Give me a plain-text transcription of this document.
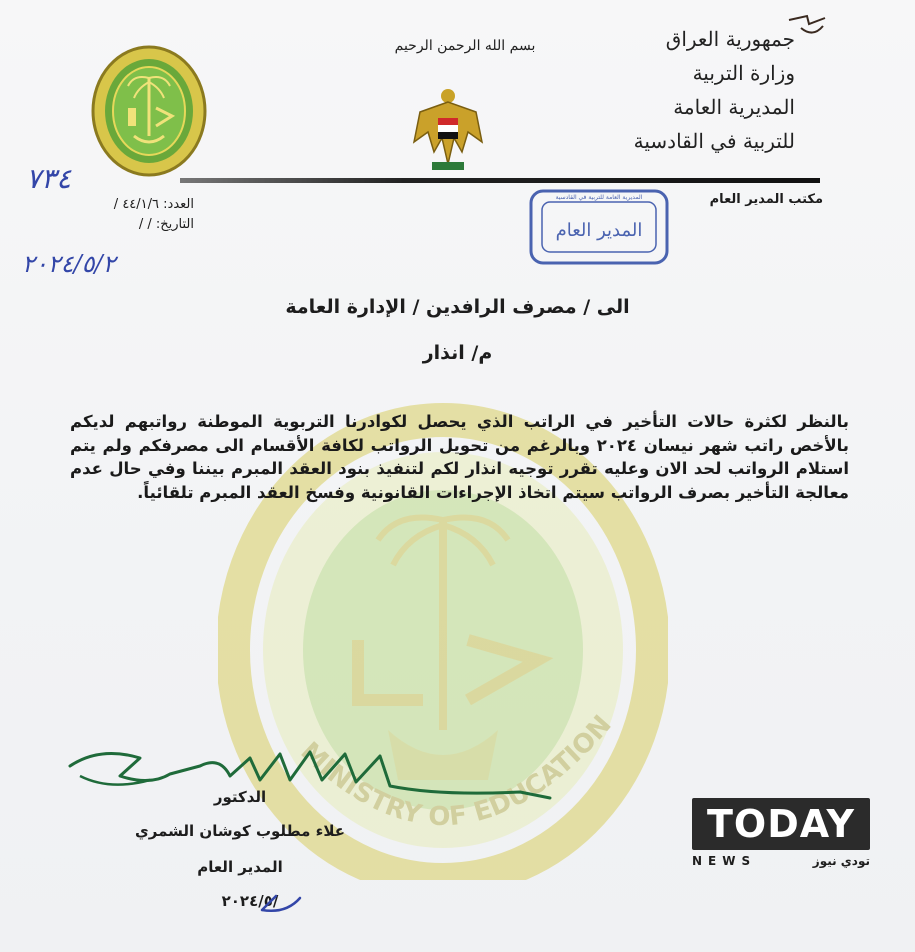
MINISTRY OF EDUCATION
بسم الله الرحمن الرحيم	جمهورية العراق
وزارة التربية
المديرية العامة
للتربية في القادسية
مكتب المدير العام
٧٣٤
العدد: ٤٤/١/٦ /
التاريخ: / /
٢٠٢٤/٥/٢
المديرية العامة للتربية في القادسية
المدير العام
الى / مصرف الرافدين / الإدارة العامة
م/ انذار
بالنظر لكثرة حالات التأخير في الراتب الذي يحصل لكوادرنا التربوية الموطنة رواتبهم لديكم بالأخص راتب شهر نيسان ٢٠٢٤ وبالرغم من تحويل الرواتب لكافة الأقسام الى مصرفكم ولم يتم استلام الرواتب لحد الان وعليه تقرر توجيه انذار لكم لتنفيذ بنود العقد المبرم بيننا وفي حال عدم معالجة التأخير بصرف الرواتب سيتم اتخاذ الإجراءات القانونية وفسخ العقد المبرم تلقائياً.
الدكتور
علاء مطلوب كوشان الشمري
المدير العام
٢٠٢٤/٥/
TODAY
NEWS	تودي نيوز
